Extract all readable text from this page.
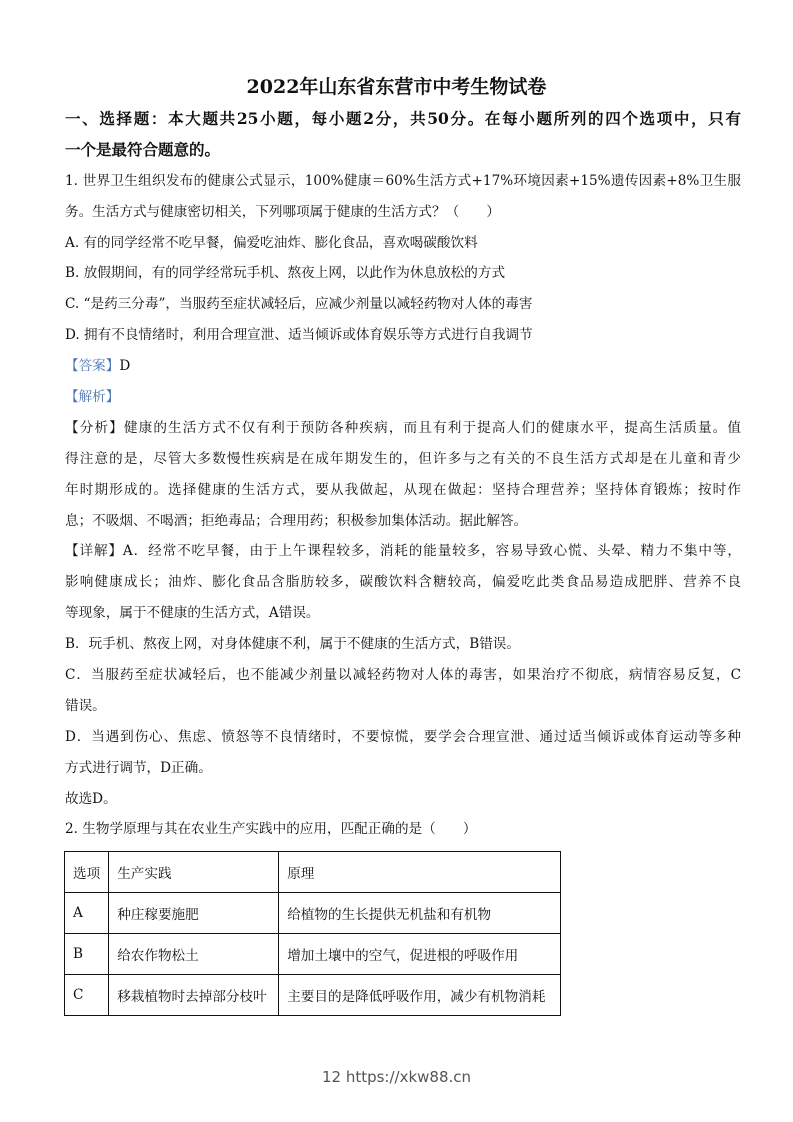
2022年山东省东营市中考生物试卷
一、选择题：本大题共25小题，每小题2分，共50分。在每小题所列的四个选项中，只有
一个是最符合题意的。
1. 世界卫生组织发布的健康公式显示，100%健康＝60%生活方式+17%环境因素+15%遗传因素+8%卫生服
务。生活方式与健康密切相关，下列哪项属于健康的生活方式？（　　）
A. 有的同学经常不吃早餐，偏爱吃油炸、膨化食品，喜欢喝碳酸饮料
B. 放假期间，有的同学经常玩手机、熬夜上网，以此作为休息放松的方式
C. “是药三分毒”，当服药至症状减轻后，应减少剂量以减轻药物对人体的毒害
D. 拥有不良情绪时，利用合理宣泄、适当倾诉或体育娱乐等方式进行自我调节
【答案】D
【解析】
【分析】健康的生活方式不仅有利于预防各种疾病，而且有利于提高人们的健康水平，提高生活质量。值
得注意的是，尽管大多数慢性疾病是在成年期发生的，但许多与之有关的不良生活方式却是在儿童和青少
年时期形成的。选择健康的生活方式，要从我做起，从现在做起：坚持合理营养；坚持体育锻炼；按时作
息；不吸烟、不喝酒；拒绝毒品；合理用药；积极参加集体活动。据此解答。
【详解】A．经常不吃早餐，由于上午课程较多，消耗的能量较多，容易导致心慌、头晕、精力不集中等，
影响健康成长；油炸、膨化食品含脂肪较多，碳酸饮料含糖较高，偏爱吃此类食品易造成肥胖、营养不良
等现象，属于不健康的生活方式，A错误。
B．玩手机、熬夜上网，对身体健康不利，属于不健康的生活方式，B错误。
C．当服药至症状减轻后，也不能减少剂量以减轻药物对人体的毒害，如果治疗不彻底，病情容易反复，C
错误。
D．当遇到伤心、焦虑、愤怒等不良情绪时，不要惊慌，要学会合理宣泄、通过适当倾诉或体育运动等多种
方式进行调节，D正确。
故选D。
2. 生物学原理与其在农业生产实践中的应用，匹配正确的是（　　）
选项	生产实践	原理
A	种庄稼要施肥	给植物的生长提供无机盐和有机物
B	给农作物松土	增加土壤中的空气，促进根的呼吸作用
C	移栽植物时去掉部分枝叶	主要目的是降低呼吸作用，减少有机物消耗
12 https://xkw88.cn
